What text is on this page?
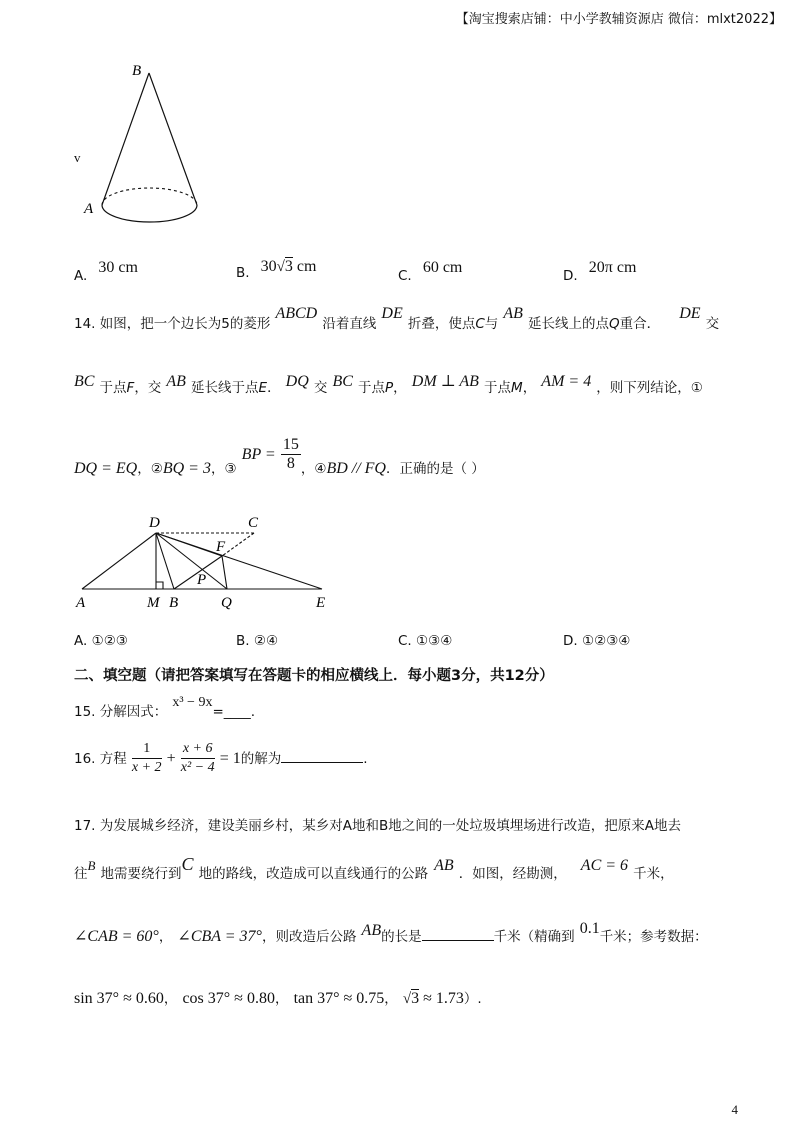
【淘宝搜索店铺：中小学教辅资源店 微信：mlxt2022】
v
B
A
A. 30 cm	B. 30√3 cm
C. 60 cm	D. 20π cm
14. 如图，把一个边长为5的菱形 ABCD 沿着直线 DE 折叠，使点C与 AB 延长线上的点Q重合． DE 交
BC 于点F，交 AB 延长线于点E． DQ 交 BC 于点P， DM ⊥ AB 于点M， AM = 4 ，则下列结论，①
DQ = EQ，②BQ = 3，③ BP = $\frac{15}{8}$ ，④BD // FQ．正确的是（ ）
D	C
F
P
A	M B	Q	E
A. ①②③	B. ②④	C. ①③④	D. ①②③④
二、填空题（请把答案填写在答题卡的相应横线上．每小题3分，共12分）
15. 分解因式： x³ − 9x=____.
16. 方程 $\frac{1}{x + 2} + \frac{x + 6}{\text{x² − 4}} = 1$的解为	.
17. 为发展城乡经济，建设美丽乡村，某乡对A地和B地之间的一处垃圾填埋场进行改造，把原来A地去
往$^B$ 地需要绕行到C 地的路线，改造成可以直线通行的公路 AB ．如图，经勘测， AC = 6 千米，
∠CAB = 60°， ∠CBA = 37°，则改造后公路 AB的长是	千米（精确到 0.1千米；参考数据：
sin 37° ≈ 0.60， cos 37° ≈ 0.80， tan 37° ≈ 0.75， √3 ≈ 1.73）.
4
